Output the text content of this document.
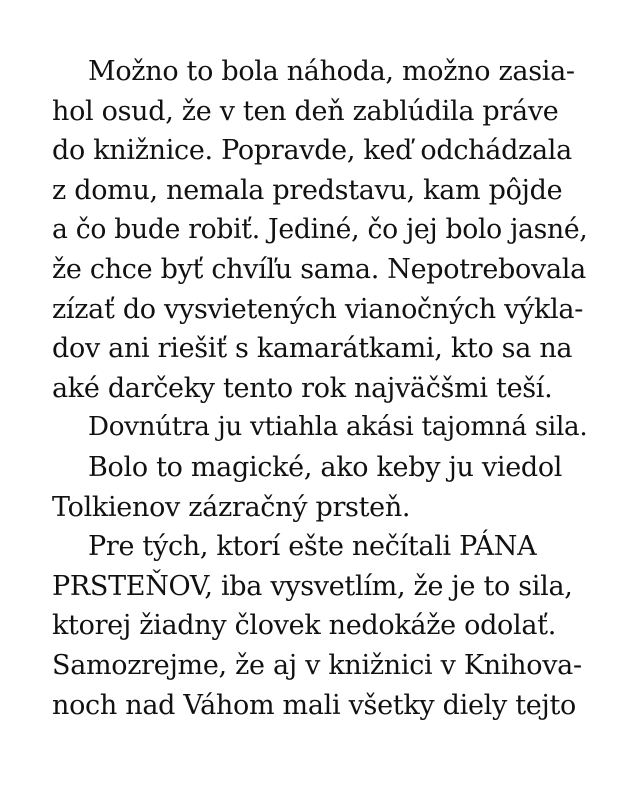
Možno to bola náhoda, možno zasia-
hol osud, že v ten deň zablúdila práve
do knižnice. Popravde, keď odchádzala
z domu, nemala predstavu, kam pôjde
a čo bude robiť. Jediné, čo jej bolo jasné,
že chce byť chvíľu sama. Nepotrebovala
zízať do vysvietených vianočných výkla-
dov ani riešiť s kamarátkami, kto sa na
aké darčeky tento rok najväčšmi teší.
Dovnútra ju vtiahla akási tajomná sila.
Bolo to magické, ako keby ju viedol
Tolkienov zázračný prsteň.
Pre tých, ktorí ešte nečítali PÁNA
PRSTEŇOV, iba vysvetlím, že je to sila,
ktorej žiadny človek nedokáže odolať.
Samozrejme, že aj v knižnici v Knihova-
noch nad Váhom mali všetky diely tejto
